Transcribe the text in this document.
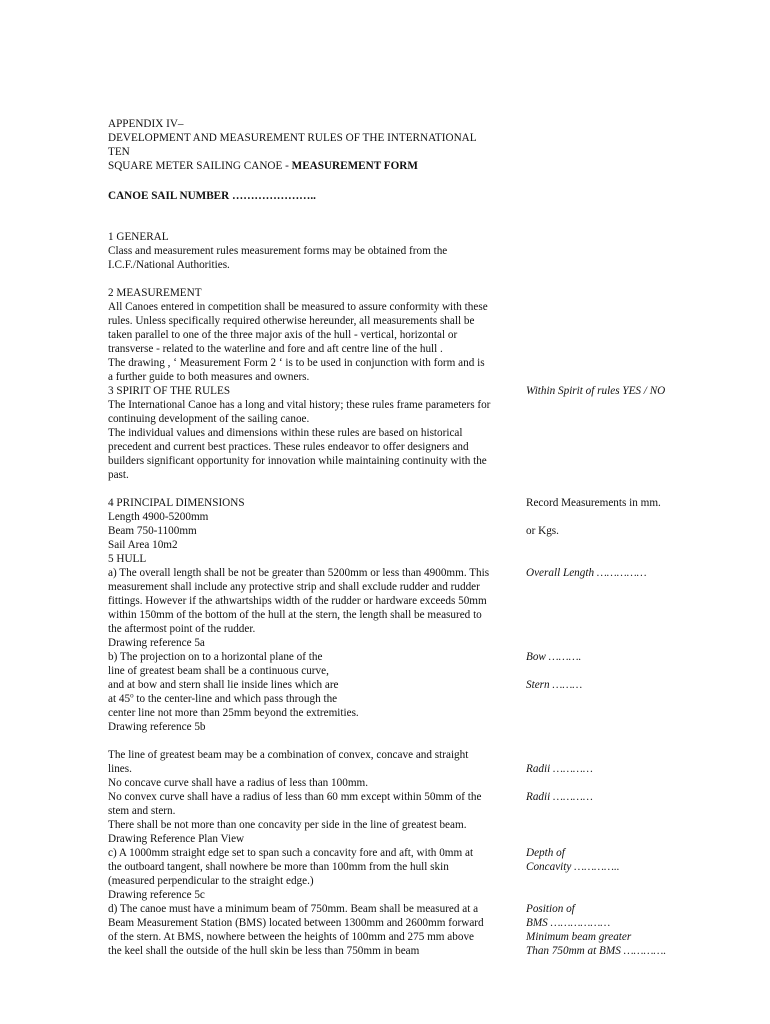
APPENDIX IV–
DEVELOPMENT AND MEASUREMENT RULES OF THE INTERNATIONAL
TEN
SQUARE METER SAILING CANOE - MEASUREMENT FORM
CANOE SAIL NUMBER …………………..
1 GENERAL
Class and measurement rules measurement forms may be obtained from the
I.C.F./National Authorities.
2 MEASUREMENT
All Canoes entered in competition shall be measured to assure conformity with these
rules. Unless specifically required otherwise hereunder, all measurements shall be
taken parallel to one of the three major axis of the hull - vertical, horizontal or
transverse - related to the waterline and fore and aft centre line of the hull .
The drawing , ‘ Measurement Form 2 ‘ is to be used in conjunction with form and is
a further guide to both measures and owners.
3 SPIRIT OF THE RULES
The International Canoe has a long and vital history; these rules frame parameters for
continuing development of the sailing canoe.
The individual values and dimensions within these rules are based on historical
precedent and current best practices. These rules endeavor to offer designers and
builders significant opportunity for innovation while maintaining continuity with the
past.
4 PRINCIPAL DIMENSIONS
Length 4900-5200mm
Beam 750-1100mm
Sail Area 10m2
5 HULL
a) The overall length shall be not be greater than 5200mm or less than 4900mm. This
measurement shall include any protective strip and shall exclude rudder and rudder
fittings. However if the athwartships width of the rudder or hardware exceeds 50mm
within 150mm of the bottom of the hull at the stern, the length shall be measured to
the aftermost point of the rudder.
Drawing reference 5a
b) The projection on to a horizontal plane of the
line of greatest beam shall be a continuous curve,
and at bow and stern shall lie inside lines which are
at 45$^o$ to the center-line and which pass through the
center line not more than 25mm beyond the extremities.
Drawing reference 5b
The line of greatest beam may be a combination of convex, concave and straight
lines.
No concave curve shall have a radius of less than 100mm.
No convex curve shall have a radius of less than 60 mm except within 50mm of the
stem and stern.
There shall be not more than one concavity per side in the line of greatest beam.
Drawing Reference Plan View
c) A 1000mm straight edge set to span such a concavity fore and aft, with 0mm at
the outboard tangent, shall nowhere be more than 100mm from the hull skin
(measured perpendicular to the straight edge.)
Drawing reference 5c
d) The canoe must have a minimum beam of 750mm. Beam shall be measured at a
Beam Measurement Station (BMS) located between 1300mm and 2600mm forward
of the stern. At BMS, nowhere between the heights of 100mm and 275 mm above
the keel shall the outside of the hull skin be less than 750mm in beam
Within Spirit of rules YES / NO
Record Measurements in mm.
or Kgs.
Overall Length ……………
Bow ……….
Stern ………
Radii …………
Radii …………
Depth of
Concavity …………..
Position of
BMS ………………
Minimum beam greater
Than 750mm at BMS ………….
